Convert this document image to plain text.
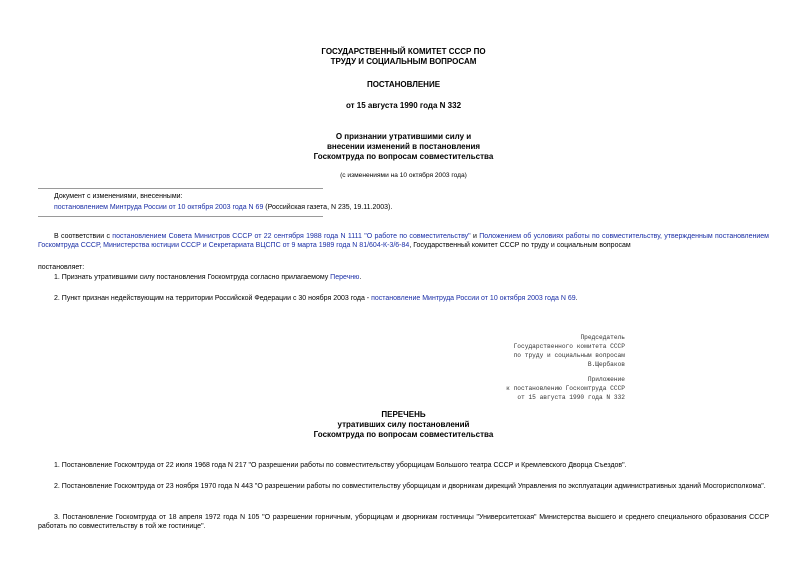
ГОСУДАРСТВЕННЫЙ КОМИТЕТ СССР ПО
ТРУДУ И СОЦИАЛЬНЫМ ВОПРОСАМ
ПОСТАНОВЛЕНИЕ
от 15 августа 1990 года N 332
О признании утратившими силу и
внесении изменений в постановления
Госкомтруда по вопросам совместительства
(с изменениями на 10 октября 2003 года)
Документ с изменениями, внесенными:
постановлением Минтруда России от 10 октября 2003 года N 69 (Российская газета, N 235, 19.11.2003).
В соответствии с постановлением Совета Министров СССР от 22 сентября 1988 года N 1111 "О работе по совместительству" и Положением об условиях работы по совместительству, утвержденным постановлением Госкомтруда СССР, Министерства юстиции СССР и Секретариата ВЦСПС от 9 марта 1989 года N 81/604-К-3/6-84, Государственный комитет СССР по труду и социальным вопросам
постановляет:
1. Признать утратившими силу постановления Госкомтруда согласно прилагаемому Перечню.
2. Пункт признан недействующим на территории Российской Федерации с 30 ноября 2003 года - постановление Минтруда России от 10 октября 2003 года N 69.
Председатель
Государственного комитета СССР
по труду и социальным вопросам
В.Щербаков
Приложение
к постановлению Госкомтруда СССР
от 15 августа 1990 года N 332
ПЕРЕЧЕНЬ
утративших силу постановлений
Госкомтруда по вопросам совместительства
1. Постановление Госкомтруда от 22 июля 1968 года N 217 "О разрешении работы по совместительству уборщицам Большого театра СССР и Кремлевского Дворца Съездов".
2. Постановление Госкомтруда от 23 ноября 1970 года N 443 "О разрешении работы по совместительству уборщицам и дворникам дирекций Управления по эксплуатации административных зданий Мосгорисполкома".
3. Постановление Госкомтруда от 18 апреля 1972 года N 105 "О разрешении горничным, уборщицам и дворникам гостиницы "Университетская" Министерства высшего и среднего специального образования СССР работать по совместительству в той же гостинице".
